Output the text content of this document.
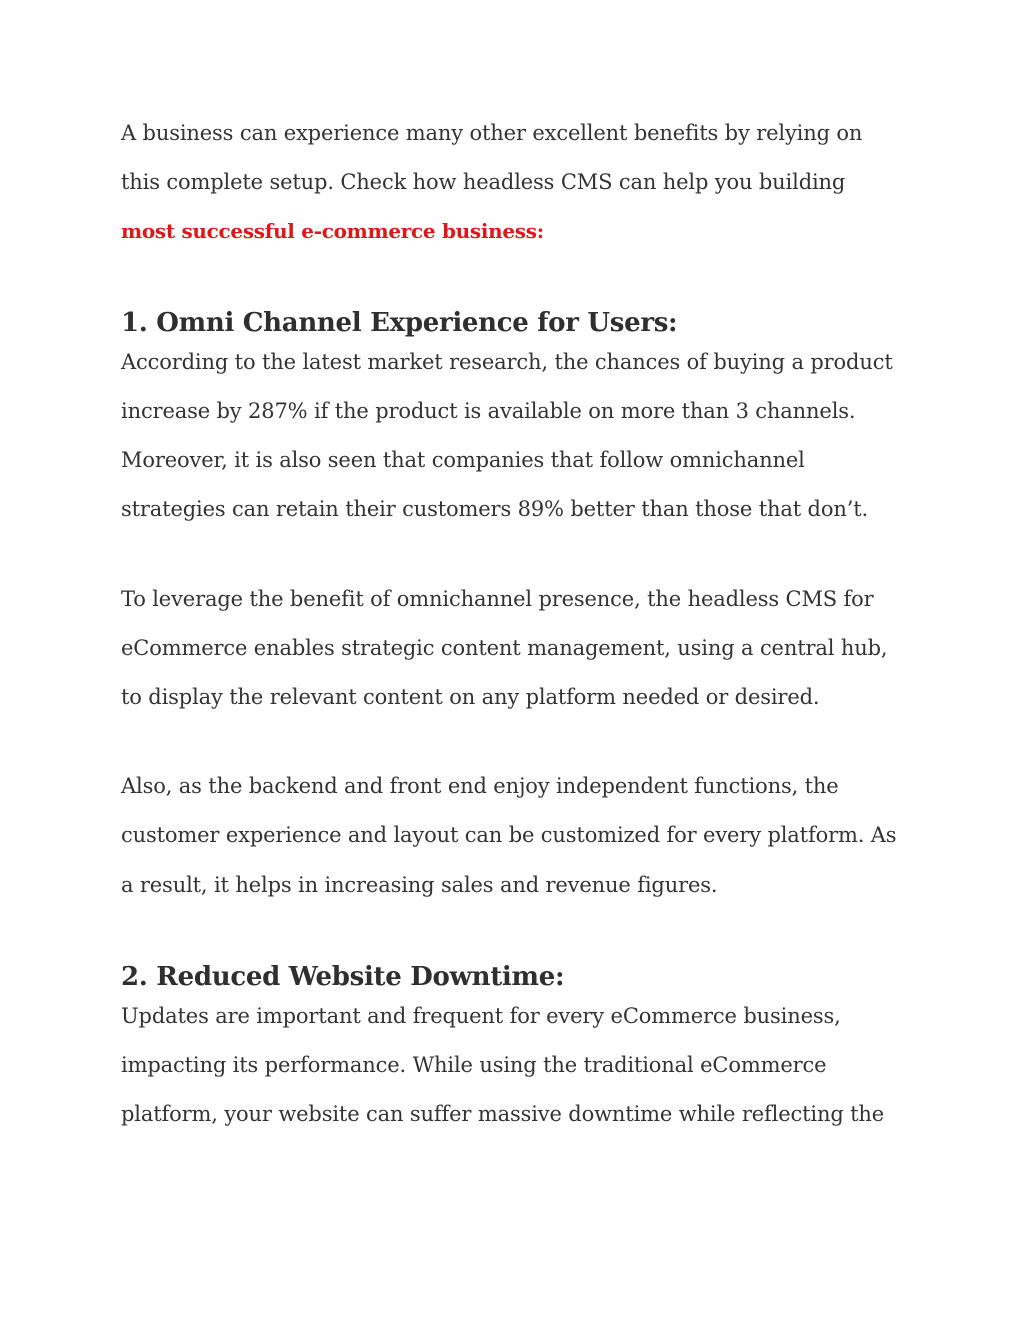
A business can experience many other excellent benefits by relying on
this complete setup. Check how headless CMS can help you building
most successful e-commerce business:
1. Omni Channel Experience for Users:
According to the latest market research, the chances of buying a product
increase by 287% if the product is available on more than 3 channels.
Moreover, it is also seen that companies that follow omnichannel
strategies can retain their customers 89% better than those that don’t.
To leverage the benefit of omnichannel presence, the headless CMS for
eCommerce enables strategic content management, using a central hub,
to display the relevant content on any platform needed or desired.
Also, as the backend and front end enjoy independent functions, the
customer experience and layout can be customized for every platform. As
a result, it helps in increasing sales and revenue figures.
2. Reduced Website Downtime:
Updates are important and frequent for every eCommerce business,
impacting its performance. While using the traditional eCommerce
platform, your website can suffer massive downtime while reflecting the
